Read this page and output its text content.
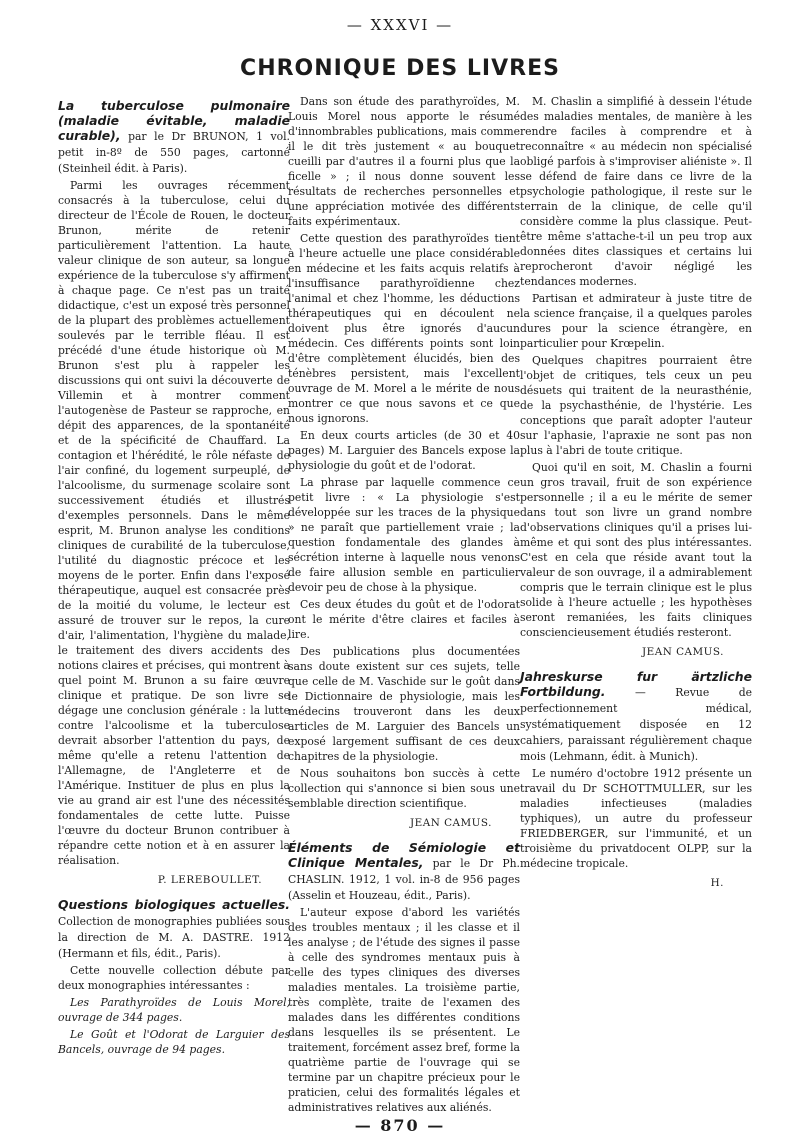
— XXXVI —
CHRONIQUE DES LIVRES
La tuberculose pulmonaire (maladie évitable, maladie curable), par le Dr BRUNON, 1 vol. petit in-8º de 550 pages, cartonné (Steinheil édit. à Paris).

Parmi les ouvrages récemment consacrés à la tuberculose, celui du directeur de l'École de Rouen, le docteur Brunon, mérite de retenir particulièrement l'attention. La haute valeur clinique de son auteur, sa longue expérience de la tuberculose s'y affirment à chaque page. Ce n'est pas un traité didactique, c'est un exposé très personnel de la plupart des problèmes actuellement soulevés par le terrible fléau. Il est précédé d'une étude historique où M. Brunon s'est plu à rappeler les discussions qui ont suivi la découverte de Villemin et à montrer comment l'autogenèse de Pasteur se rapproche, en dépit des apparences, de la spontanéité et de la spécificité de Chauffard. La contagion et l'hérédité, le rôle néfaste de l'air confiné, du logement surpeuplé, de l'alcoolisme, du surmenage scolaire sont successivement étudiés et illustrés d'exemples personnels. Dans le même esprit, M. Brunon analyse les conditions cliniques de curabilité de la tuberculose, l'utilité du diagnostic précoce et les moyens de le porter. Enfin dans l'exposé thérapeutique, auquel est consacrée près de la moitié du volume, le lecteur est assuré de trouver sur le repos, la cure d'air, l'alimentation, l'hygiène du malade, le traitement des divers accidents des notions claires et précises, qui montrent à quel point M. Brunon a su faire œuvre clinique et pratique. De son livre se dégage une conclusion générale : la lutte contre l'alcoolisme et la tuberculose devrait absorber l'attention du pays, de même qu'elle a retenu l'attention de l'Allemagne, de l'Angleterre et de l'Amérique. Instituer de plus en plus la vie au grand air est l'une des nécessités fondamentales de cette lutte. Puisse l'œuvre du docteur Brunon contribuer à répandre cette notion et à en assurer la réalisation.

P. LEREBOULLET.
Questions biologiques actuelles. Collection de monographies publiées sous la direction de M. A. DASTRE. 1912 (Hermann et fils, édit., Paris).

Cette nouvelle collection débute par deux monographies intéressantes :

Les Parathyroïdes de Louis Morel, ouvrage de 344 pages.

Le Goût et l'Odorat de Larguier des Bancels, ouvrage de 94 pages.

Dans son étude des parathyroïdes, M. Louis Morel nous apporte le résumé d'innombrables publications, mais comme il le dit très justement « au bouquet cueilli par d'autres il a fourni plus que la ficelle » ; il nous donne souvent les résultats de recherches personnelles et une appréciation motivée des différents faits expérimentaux.

Cette question des parathyroïdes tient à l'heure actuelle une place considérable en médecine et les faits acquis relatifs à l'insuffisance parathyroïdienne chez l'animal et chez l'homme, les déductions thérapeutiques qui en découlent ne doivent plus être ignorés d'aucun médecin. Ces différents points sont loin d'être complètement élucidés, bien des ténèbres persistent, mais l'excellent ouvrage de M. Morel a le mérite de nous montrer ce que nous savons et ce que nous ignorons.

En deux courts articles (de 30 et 40 pages) M. Larguier des Bancels expose la physiologie du goût et de l'odorat.

La phrase par laquelle commence ce petit livre : « La physiologie s'est développée sur les traces de la physique » ne paraît que partiellement vraie ; la question fondamentale des glandes à sécrétion interne à laquelle nous venons de faire allusion semble en particulier devoir peu de chose à la physique.

Ces deux études du goût et de l'odorat ont le mérite d'être claires et faciles à lire.

Des publications plus documentées sans doute existent sur ces sujets, telle que celle de M. Vaschide sur le goût dans le Dictionnaire de physiologie, mais les médecins trouveront dans les deux articles de M. Larguier des Bancels un exposé largement suffisant de ces deux chapitres de la physiologie.

Nous souhaitons bon succès à cette collection qui s'annonce si bien sous une semblable direction scientifique.

JEAN CAMUS.
Éléments de Sémiologie et Clinique Mentales, par le Dr Ph. CHASLIN. 1912, 1 vol. in-8 de 956 pages (Asselin et Houzeau, édit., Paris).

L'auteur expose d'abord les variétés des troubles mentaux ; il les classe et il les analyse ; de l'étude des signes il passe à celle des syndromes mentaux puis à celle des types cliniques des diverses maladies mentales. La troisième partie, très complète, traite de l'examen des malades dans les différentes conditions dans lesquelles ils se présentent. Le traitement, forcément assez bref, forme la quatrième partie de l'ouvrage qui se termine par un chapitre précieux pour le praticien, celui des formalités légales et administratives relatives aux aliénés.

M. Chaslin a simplifié à dessein l'étude des maladies mentales, de manière à les rendre faciles à comprendre et à reconnaître « au médecin non spécialisé obligé parfois à s'improviser aliéniste ». Il se défend de faire dans ce livre de la psychologie pathologique, il reste sur le terrain de la clinique, de celle qu'il considère comme la plus classique. Peut-être même s'attache-t-il un peu trop aux données dites classiques et certains lui reprocheront d'avoir négligé les tendances modernes.

Partisan et admirateur à juste titre de la science française, il a quelques paroles dures pour la science étrangère, en particulier pour Krœpelin.

Quelques chapitres pourraient être l'objet de critiques, tels ceux un peu désuets qui traitent de la neurasthénie, de la psychasthénie, de l'hystérie. Les conceptions que paraît adopter l'auteur sur l'aphasie, l'apraxie ne sont pas non plus à l'abri de toute critique.

Quoi qu'il en soit, M. Chaslin a fourni un gros travail, fruit de son expérience personnelle ; il a eu le mérite de semer dans tout son livre un grand nombre d'observations cliniques qu'il a prises lui-même et qui sont des plus intéressantes. C'est en cela que réside avant tout la valeur de son ouvrage, il a admirablement compris que le terrain clinique est le plus solide à l'heure actuelle ; les hypothèses seront remaniées, les faits cliniques consciencieusement étudiés resteront.

JEAN CAMUS.
Jahreskurse fur ärtzliche Fortbildung. — Revue de perfectionnement médical, systématiquement disposée en 12 cahiers, paraissant régulièrement chaque mois (Lehmann, édit. à Munich).

Le numéro d'octobre 1912 présente un travail du Dr SCHOTTMULLER, sur les maladies infectieuses (maladies typhiques), un autre du professeur FRIEDBERGER, sur l'immunité, et un troisième du privatdocent OLPP, sur la médecine tropicale.

H.
— 870 —
